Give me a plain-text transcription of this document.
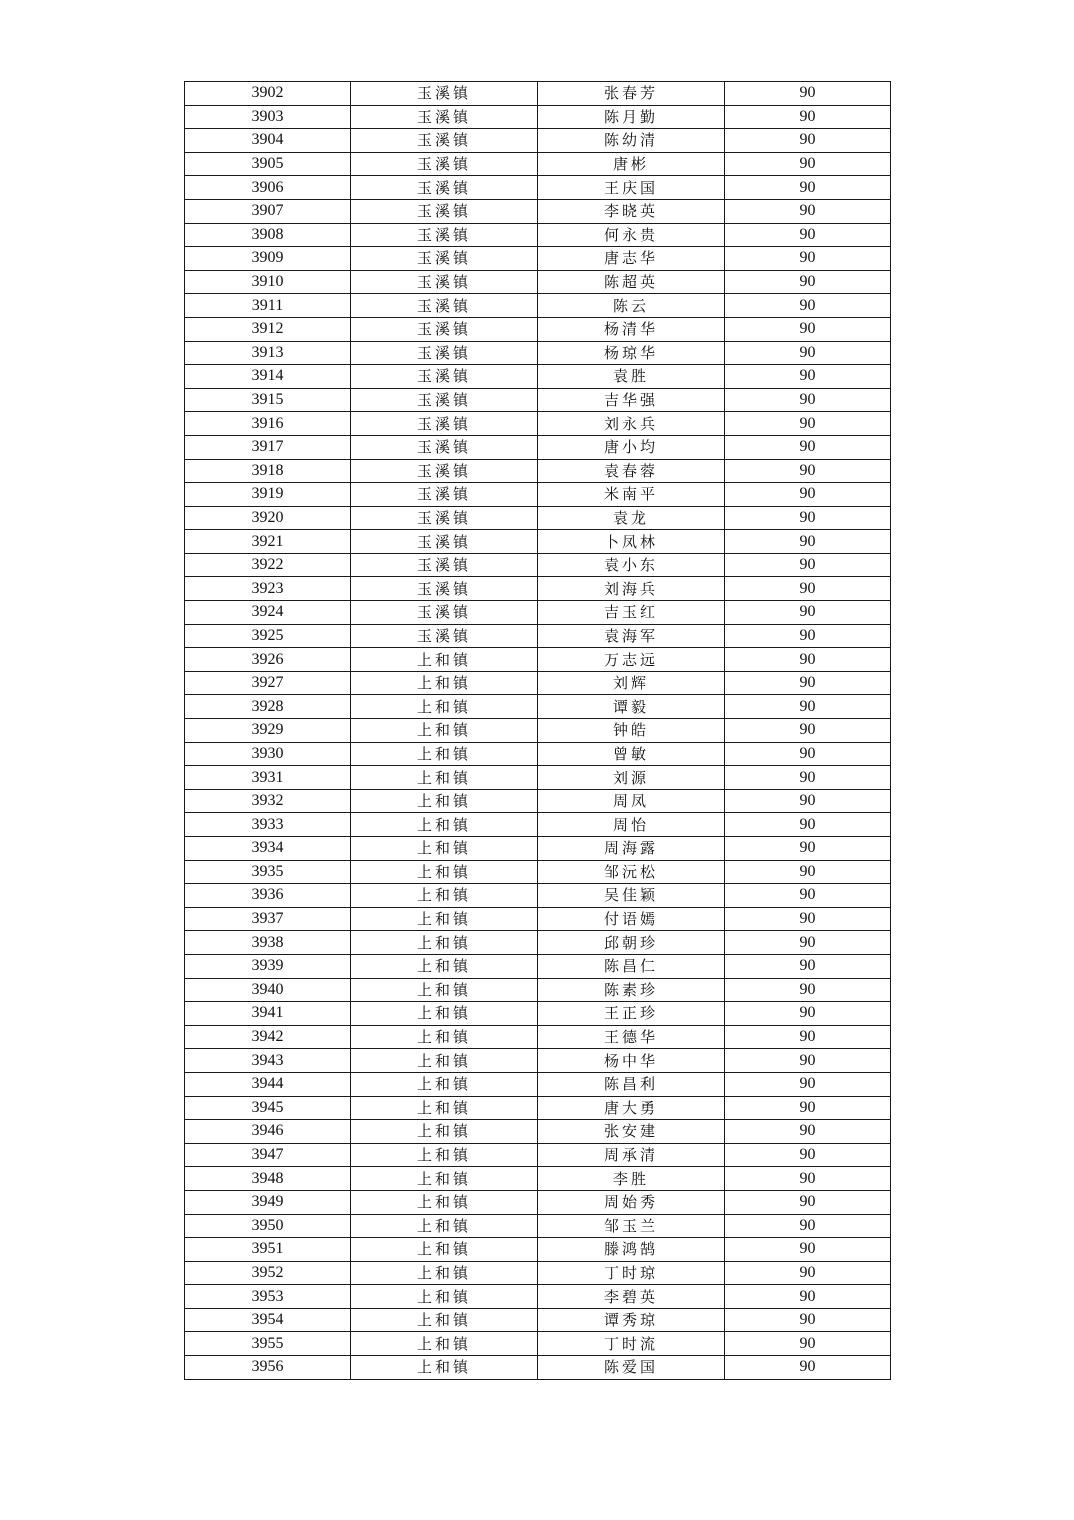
3902	玉溪镇	张春芳	90
3903	玉溪镇	陈月勤	90
3904	玉溪镇	陈幼清	90
3905	玉溪镇	唐彬	90
3906	玉溪镇	王庆国	90
3907	玉溪镇	李晓英	90
3908	玉溪镇	何永贵	90
3909	玉溪镇	唐志华	90
3910	玉溪镇	陈超英	90
3911	玉溪镇	陈云	90
3912	玉溪镇	杨清华	90
3913	玉溪镇	杨琼华	90
3914	玉溪镇	袁胜	90
3915	玉溪镇	吉华强	90
3916	玉溪镇	刘永兵	90
3917	玉溪镇	唐小均	90
3918	玉溪镇	袁春蓉	90
3919	玉溪镇	米南平	90
3920	玉溪镇	袁龙	90
3921	玉溪镇	卜凤林	90
3922	玉溪镇	袁小东	90
3923	玉溪镇	刘海兵	90
3924	玉溪镇	吉玉红	90
3925	玉溪镇	袁海军	90
3926	上和镇	万志远	90
3927	上和镇	刘辉	90
3928	上和镇	谭毅	90
3929	上和镇	钟皓	90
3930	上和镇	曾敏	90
3931	上和镇	刘源	90
3932	上和镇	周凤	90
3933	上和镇	周怡	90
3934	上和镇	周海露	90
3935	上和镇	邹沅松	90
3936	上和镇	吴佳颖	90
3937	上和镇	付语嫣	90
3938	上和镇	邱朝珍	90
3939	上和镇	陈昌仁	90
3940	上和镇	陈素珍	90
3941	上和镇	王正珍	90
3942	上和镇	王德华	90
3943	上和镇	杨中华	90
3944	上和镇	陈昌利	90
3945	上和镇	唐大勇	90
3946	上和镇	张安建	90
3947	上和镇	周承清	90
3948	上和镇	李胜	90
3949	上和镇	周始秀	90
3950	上和镇	邹玉兰	90
3951	上和镇	滕鸿鹄	90
3952	上和镇	丁时琼	90
3953	上和镇	李碧英	90
3954	上和镇	谭秀琼	90
3955	上和镇	丁时流	90
3956	上和镇	陈爱国	90
